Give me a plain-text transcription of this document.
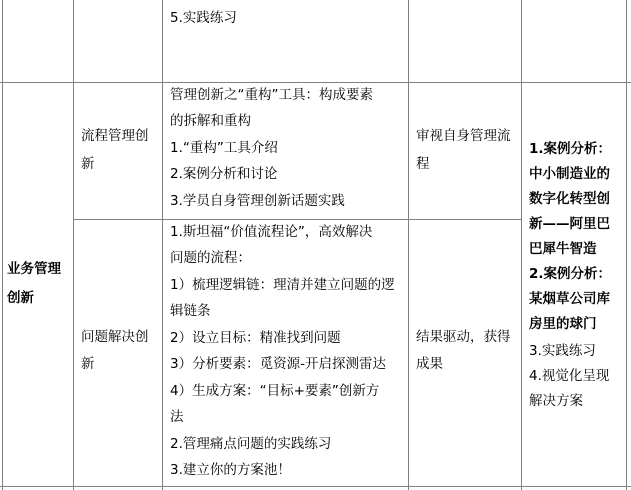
5.实践练习
业务管理
创新
流程管理创
新
管理创新之“重构”工具：构成要素
的拆解和重构
1.“重构”工具介绍
2.案例分析和讨论
3.学员自身管理创新话题实践
审视自身管理流
程
问题解决创
新
1.斯坦福“价值流程论”，高效解决
问题的流程：
1）梳理逻辑链：理清并建立问题的逻
辑链条
2）设立目标：精准找到问题
3）分析要素：觅资源-开启探测雷达
4）生成方案：“目标+要素”创新方
法
2.管理痛点问题的实践练习
3.建立你的方案池！
结果驱动，获得
成果
1.案例分析：
中小制造业的
数字化转型创
新——阿里巴
巴犀牛智造
2.案例分析：
某烟草公司库
房里的球门
3.实践练习
4.视觉化呈现
解决方案
